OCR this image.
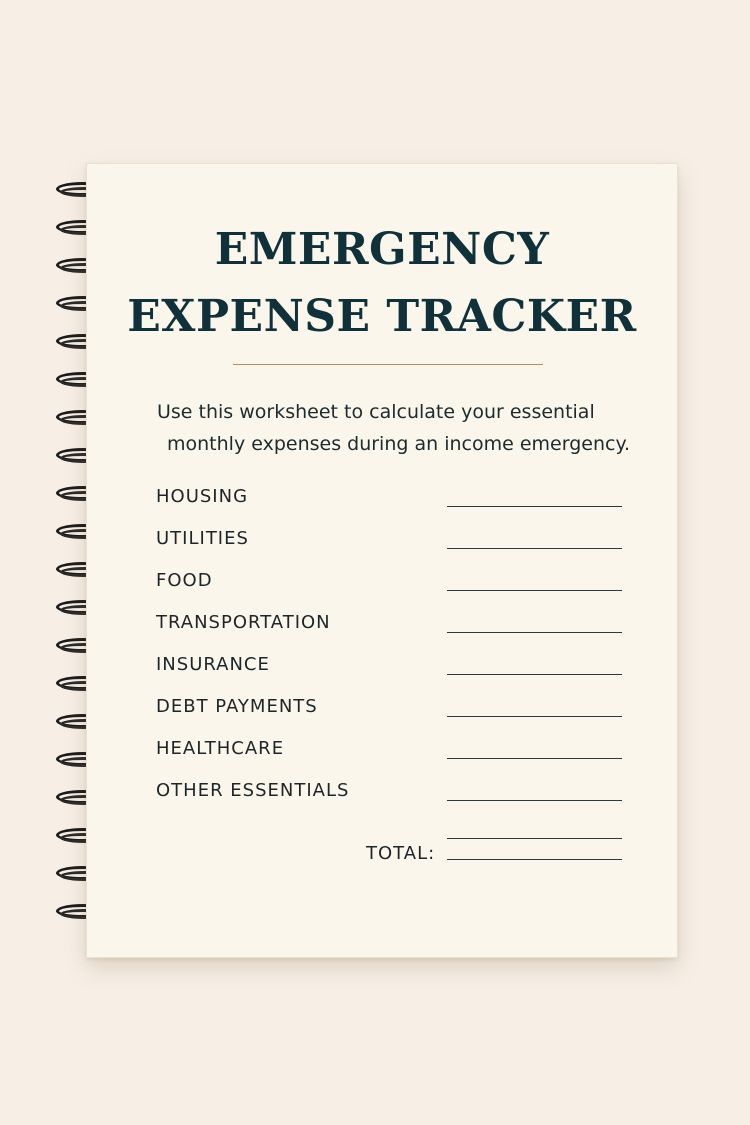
EMERGENCY
EXPENSE TRACKER
Use this worksheet to calculate your essential
monthly expenses during an income emergency.
HOUSING
UTILITIES
FOOD
TRANSPORTATION
INSURANCE
DEBT PAYMENTS
HEALTHCARE
OTHER ESSENTIALS
TOTAL:
